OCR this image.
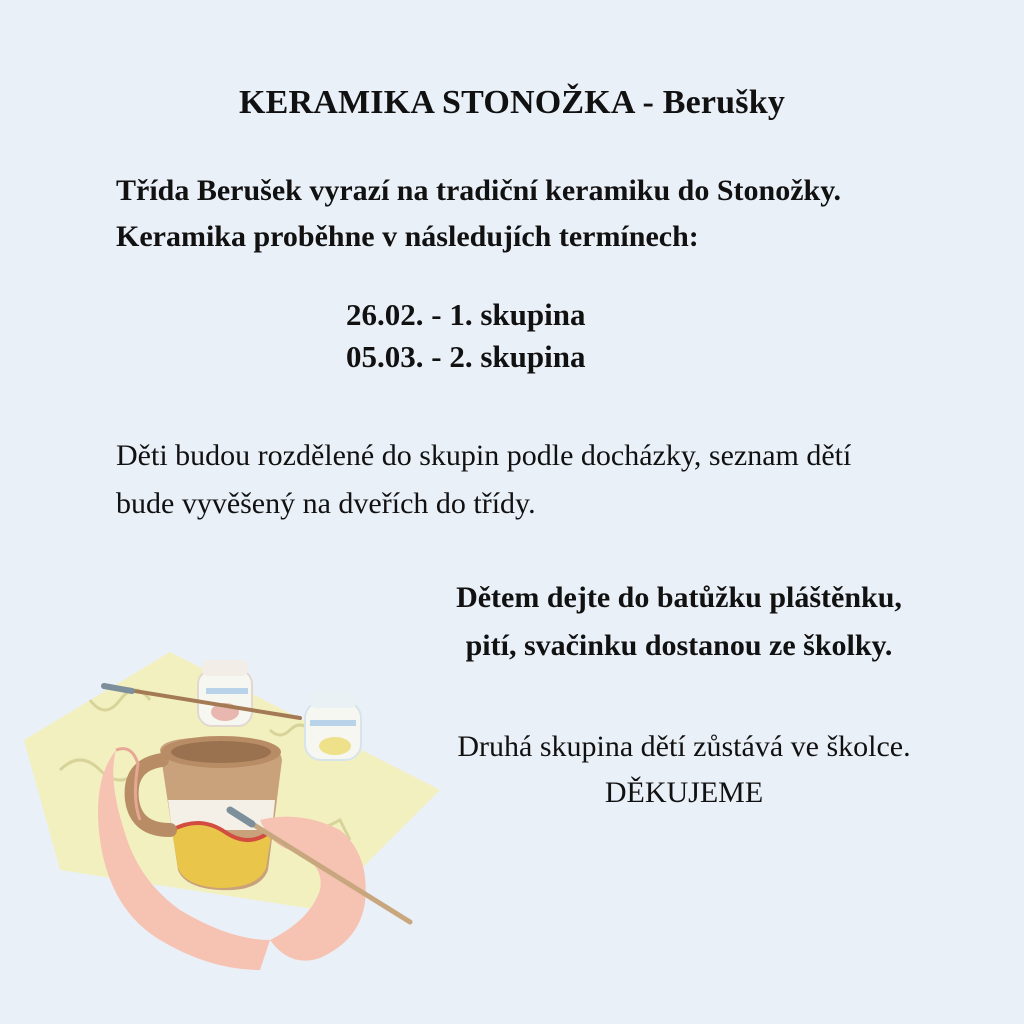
KERAMIKA STONOŽKA - Berušky
Třída Berušek vyrazí na tradiční keramiku do Stonožky.
Keramika proběhne v následujích termínech:
26.02. - 1. skupina
05.03. - 2. skupina
Děti budou rozdělené do skupin podle docházky, seznam dětí
bude vyvěšený na dveřích do třídy.
Dětem dejte do batůžku pláštěnku,
pití, svačinku dostanou ze školky.
Druhá skupina dětí zůstává ve školce.
DĚKUJEME
